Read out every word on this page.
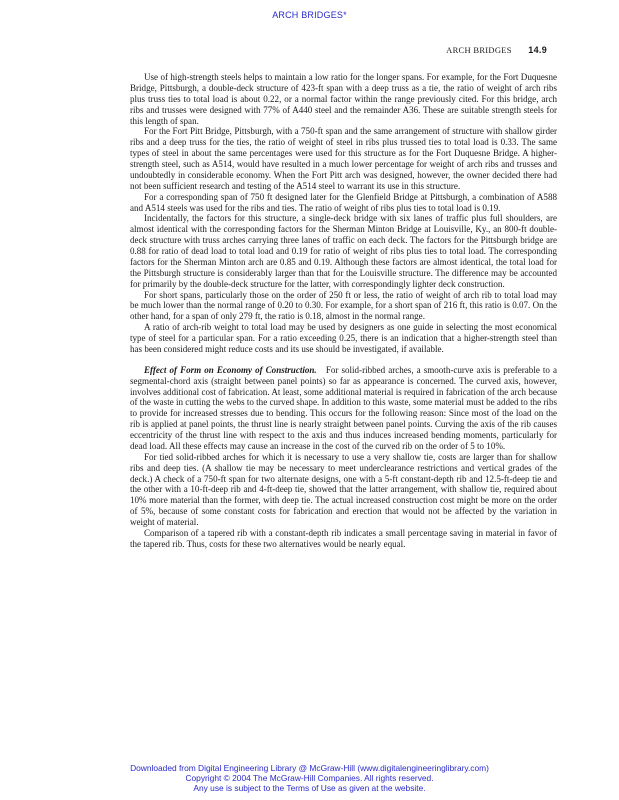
ARCH BRIDGES*
ARCH BRIDGES 14.9

Use of high-strength steels helps to maintain a low ratio for the longer spans. For example, for the Fort Duquesne Bridge, Pittsburgh, a double-deck structure of 423-ft span with a deep truss as a tie, the ratio of weight of arch ribs plus truss ties to total load is about 0.22, or a normal factor within the range previously cited. For this bridge, arch ribs and trusses were designed with 77% of A440 steel and the remainder A36. These are suitable strength steels for this length of span.

For the Fort Pitt Bridge, Pittsburgh, with a 750-ft span and the same arrangement of structure with shallow girder ribs and a deep truss for the ties, the ratio of weight of steel in ribs plus trussed ties to total load is 0.33. The same types of steel in about the same percentages were used for this structure as for the Fort Duquesne Bridge. A higher-strength steel, such as A514, would have resulted in a much lower percentage for weight of arch ribs and trusses and undoubtedly in considerable economy. When the Fort Pitt arch was designed, however, the owner decided there had not been sufficient research and testing of the A514 steel to warrant its use in this structure.

For a corresponding span of 750 ft designed later for the Glenfield Bridge at Pittsburgh, a combination of A588 and A514 steels was used for the ribs and ties. The ratio of weight of ribs plus ties to total load is 0.19.

Incidentally, the factors for this structure, a single-deck bridge with six lanes of traffic plus full shoulders, are almost identical with the corresponding factors for the Sherman Minton Bridge at Louisville, Ky., an 800-ft double-deck structure with truss arches carrying three lanes of traffic on each deck. The factors for the Pittsburgh bridge are 0.88 for ratio of dead load to total load and 0.19 for ratio of weight of ribs plus ties to total load. The corresponding factors for the Sherman Minton arch are 0.85 and 0.19. Although these factors are almost identical, the total load for the Pittsburgh structure is considerably larger than that for the Louisville structure. The difference may be accounted for primarily by the double-deck structure for the latter, with correspondingly lighter deck construction.

For short spans, particularly those on the order of 250 ft or less, the ratio of weight of arch rib to total load may be much lower than the normal range of 0.20 to 0.30. For example, for a short span of 216 ft, this ratio is 0.07. On the other hand, for a span of only 279 ft, the ratio is 0.18, almost in the normal range.

A ratio of arch-rib weight to total load may be used by designers as one guide in selecting the most economical type of steel for a particular span. For a ratio exceeding 0.25, there is an indication that a higher-strength steel than has been considered might reduce costs and its use should be investigated, if available.

Effect of Form on Economy of Construction. For solid-ribbed arches, a smooth-curve axis is preferable to a segmental-chord axis (straight between panel points) so far as appearance is concerned. The curved axis, however, involves additional cost of fabrication. At least, some additional material is required in fabrication of the arch because of the waste in cutting the webs to the curved shape. In addition to this waste, some material must be added to the ribs to provide for increased stresses due to bending. This occurs for the following reason: Since most of the load on the rib is applied at panel points, the thrust line is nearly straight between panel points. Curving the axis of the rib causes eccentricity of the thrust line with respect to the axis and thus induces increased bending moments, particularly for dead load. All these effects may cause an increase in the cost of the curved rib on the order of 5 to 10%.

For tied solid-ribbed arches for which it is necessary to use a very shallow tie, costs are larger than for shallow ribs and deep ties. (A shallow tie may be necessary to meet underclearance restrictions and vertical grades of the deck.) A check of a 750-ft span for two alternate designs, one with a 5-ft constant-depth rib and 12.5-ft-deep tie and the other with a 10-ft-deep rib and 4-ft-deep tie, showed that the latter arrangement, with shallow tie, required about 10% more material than the former, with deep tie. The actual increased construction cost might be more on the order of 5%, because of some constant costs for fabrication and erection that would not be affected by the variation in weight of material.

Comparison of a tapered rib with a constant-depth rib indicates a small percentage saving in material in favor of the tapered rib. Thus, costs for these two alternatives would be nearly equal.

Downloaded from Digital Engineering Library @ McGraw-Hill (www.digitalengineeringlibrary.com)
Copyright © 2004 The McGraw-Hill Companies. All rights reserved.
Any use is subject to the Terms of Use as given at the website.
